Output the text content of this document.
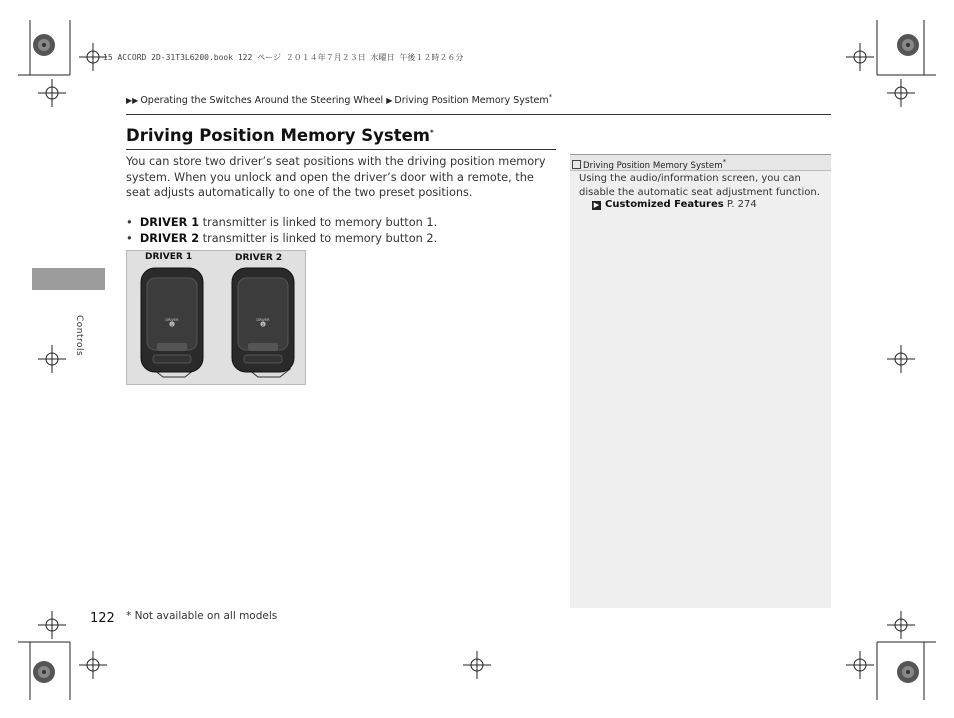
15 ACCORD 2D-31T3L6200.book 122 ページ ２０１４年７月２３日 水曜日 午後１２時２６分
▶▶ Operating the Switches Around the Steering Wheel ▶ Driving Position Memory System*
Driving Position Memory System*
You can store two driver’s seat positions with the driving position memory system. When you unlock and open the driver’s door with a remote, the seat adjusts automatically to one of the two preset positions.
•  DRIVER 1 transmitter is linked to memory button 1.
•  DRIVER 2 transmitter is linked to memory button 2.
DRIVER 1	DRIVER 2
DRIVER
1
DRIVER
2
Driving Position Memory System*
Using the audio/information screen, you can disable the automatic seat adjustment function.
▶ Customized Features P. 274
Controls
122 * Not available on all models
